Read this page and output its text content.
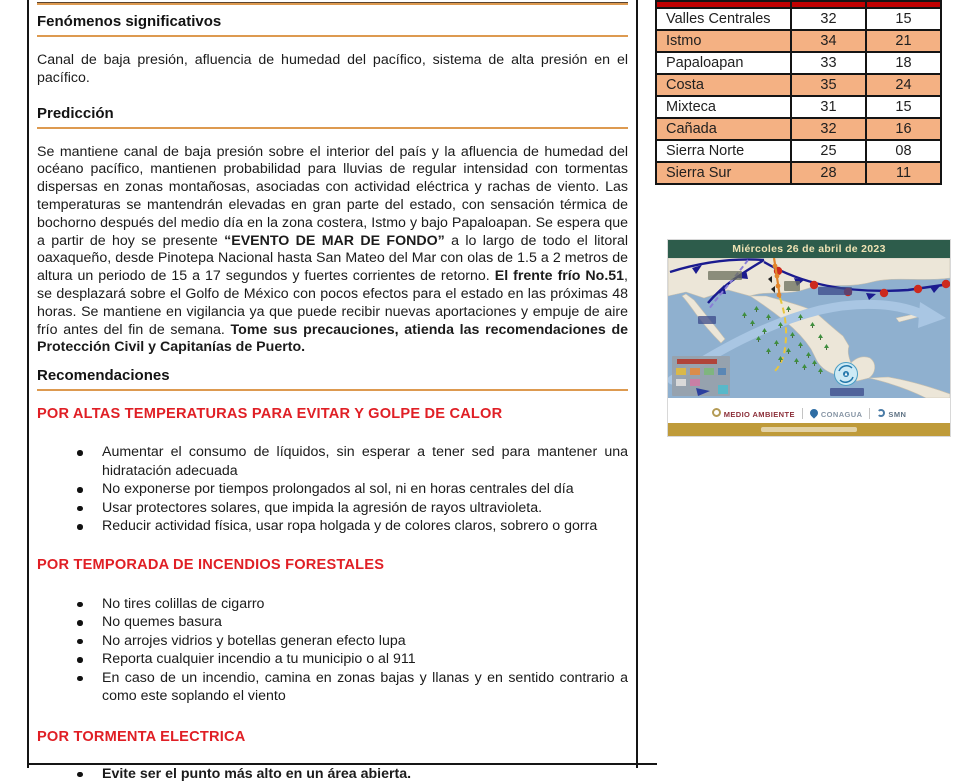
Fenómenos significativos

Canal de baja presión, afluencia de humedad del pacífico, sistema de alta presión en el pacífico.

Predicción

Se mantiene canal de baja presión sobre el interior del país y la afluencia de humedad del océano pacífico, mantienen probabilidad para lluvias de regular intensidad con tormentas dispersas en zonas montañosas, asociadas con actividad eléctrica y rachas de viento. Las temperaturas se mantendrán elevadas en gran parte del estado, con sensación térmica de bochorno después del medio día en la zona costera, Istmo y bajo Papaloapan. Se espera que a partir de hoy se presente “EVENTO DE MAR DE FONDO” a lo largo de todo el litoral oaxaqueño, desde Pinotepa Nacional hasta San Mateo del Mar con olas de 1.5 a 2 metros de altura un periodo de 15 a 17 segundos y fuertes corrientes de retorno. El frente frío No.51, se desplazará sobre el Golfo de México con pocos efectos para el estado en las próximas 48 horas. Se mantiene en vigilancia ya que puede recibir nuevas aportaciones y empuje de aire frío antes del fin de semana. Tome sus precauciones, atienda las recomendaciones de Protección Civil y Capitanías de Puerto.

Recomendaciones
POR ALTAS TEMPERATURAS PARA EVITAR Y GOLPE DE CALOR
Aumentar el consumo de líquidos, sin esperar a tener sed para mantener una hidratación adecuada
No exponerse por tiempos prolongados al sol, ni en horas centrales del día
Usar protectores solares, que impida la agresión de rayos ultravioleta.
Reducir actividad física, usar ropa holgada y de colores claros, sobrero o gorra
POR TEMPORADA DE INCENDIOS FORESTALES
No tires colillas de cigarro
No quemes basura
No arrojes vidrios y botellas generan efecto lupa
Reporta cualquier incendio a tu municipio o al 911
En caso de un incendio, camina en zonas bajas y llanas y en sentido contrario a como este soplando el viento
POR TORMENTA ELECTRICA
Evite ser el punto más alto en un área abierta.

Valles Centrales	32	15
Istmo	34	21
Papaloapan	33	18
Costa	35	24
Mixteca	31	15
Cañada	32	16
Sierra Norte	25	08
Sierra Sur	28	11
Miércoles 26 de abril de 2023
MEDIO AMBIENTE	CONAGUA	SMN
